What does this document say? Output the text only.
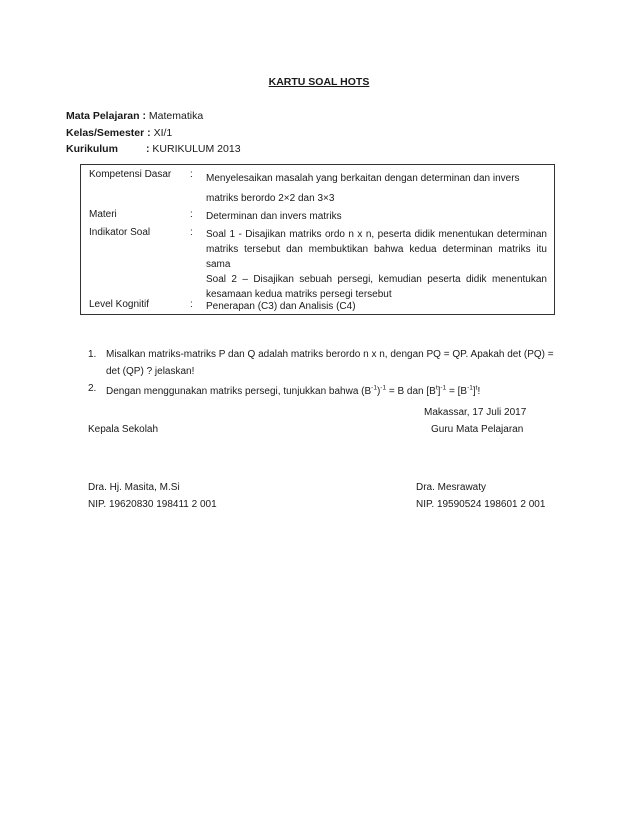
KARTU SOAL HOTS
Mata Pelajaran : Matematika
Kelas/Semester : XI/1
Kurikulum	: KURIKULUM 2013
Kompetensi Dasar : Menyelesaikan masalah yang berkaitan dengan determinan dan invers
matriks berordo 2×2 dan 3×3
Materi	: Determinan dan invers matriks
Indikator Soal	: Soal 1 - Disajikan matriks ordo n x n, peserta didik menentukan determinan matriks tersebut dan membuktikan bahwa kedua determinan matriks itu sama
Soal 2 – Disajikan sebuah persegi, kemudian peserta didik menentukan kesamaan kedua matriks persegi tersebut
Level Kognitif	: Penerapan (C3) dan Analisis (C4)
1. Misalkan matriks-matriks P dan Q adalah matriks berordo n x n, dengan PQ = QP. Apakah det (PQ) = det (QP) ? jelaskan!
2. Dengan menggunakan matriks persegi, tunjukkan bahwa $(B^{-1})^{-1} = B$ dan $[B^t]^{-1} = [B^{-1}]^t$!
Makassar, 17 Juli 2017
Kepala Sekolah	Guru Mata Pelajaran
Dra. Hj. Masita, M.Si
NIP. 19620830 198411 2 001
Dra. Mesrawaty
NIP. 19590524 198601 2 001
